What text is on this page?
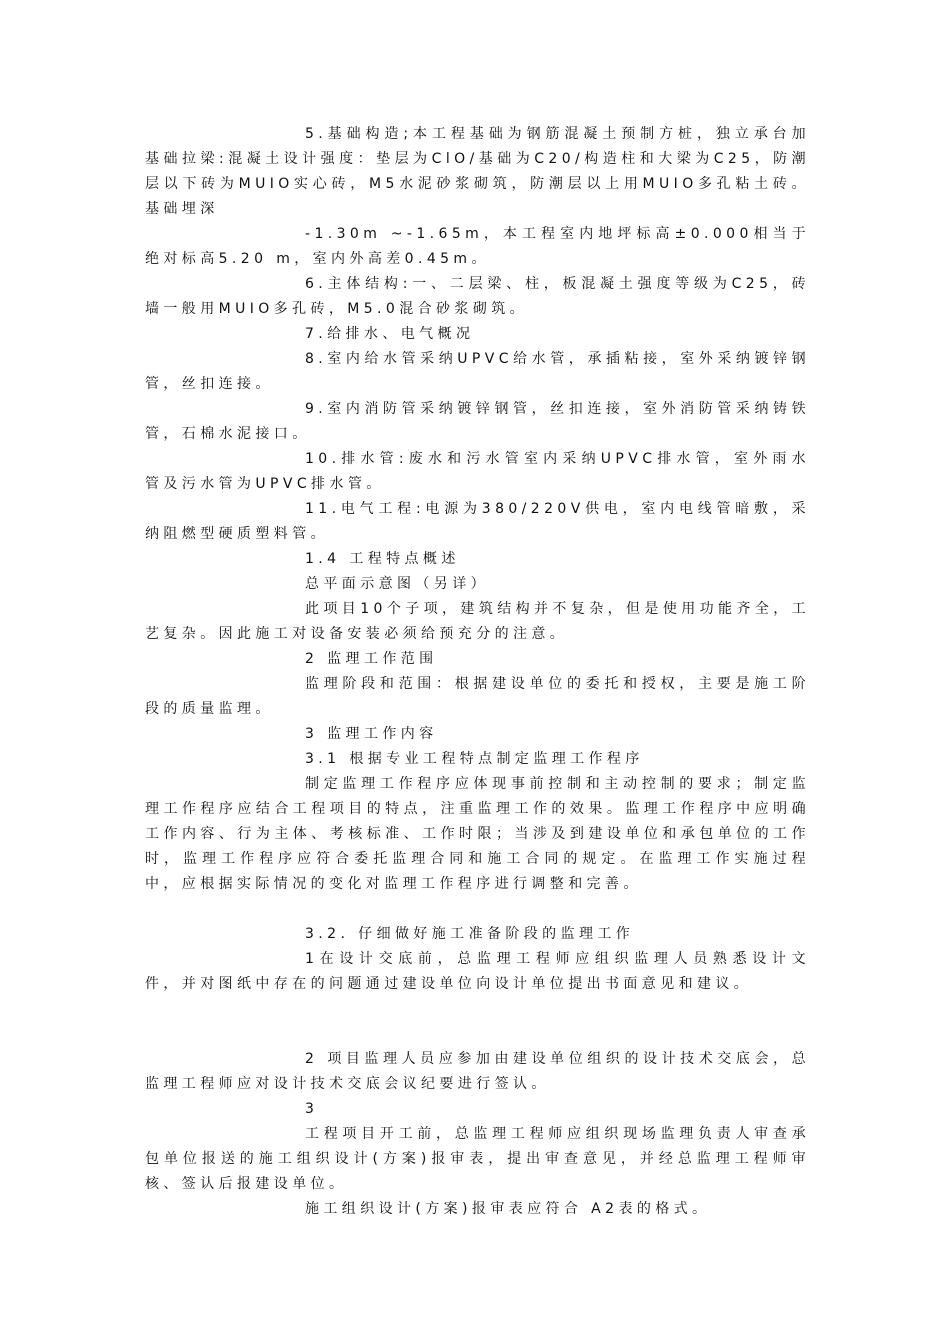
5.基础构造;本工程基础为钢筋混凝土预制方桩，独立承台加基础拉梁:混凝土设计强度：垫层为ClO/基础为C20/构造柱和大梁为C25，防潮层以下砖为MUIO实心砖，M5水泥砂浆砌筑，防潮层以上用MUIO多孔粘土砖。基础埋深

-1.30m ~-1.65m，本工程室内地坪标高±0.000相当于绝对标高5.20 m，室内外高差0.45m。

6.主体结构:一、二层梁、柱，板混凝土强度等级为C25，砖墙一般用MUIO多孔砖，M5.0混合砂浆砌筑。

7.给排水、电气概况

8.室内给水管采纳UPVC给水管，承插粘接，室外采纳镀锌钢管，丝扣连接。

9.室内消防管采纳镀锌钢管，丝扣连接，室外消防管采纳铸铁管，石棉水泥接口。

10.排水管:废水和污水管室内采纳UPVC排水管，室外雨水管及污水管为UPVC排水管。

11.电气工程:电源为380/220V供电，室内电线管暗敷，采纳阻燃型硬质塑料管。

1.4 工程特点概述

总平面示意图（另详）

此项目10个子项，建筑结构并不复杂，但是使用功能齐全，工艺复杂。因此施工对设备安装必须给预充分的注意。

2 监理工作范围

监理阶段和范围：根据建设单位的委托和授权，主要是施工阶段的质量监理。

3 监理工作内容

3.1 根据专业工程特点制定监理工作程序

制定监理工作程序应体现事前控制和主动控制的要求；制定监理工作程序应结合工程项目的特点，注重监理工作的效果。监理工作程序中应明确工作内容、行为主体、考核标准、工作时限；当涉及到建设单位和承包单位的工作时，监理工作程序应符合委托监理合同和施工合同的规定。在监理工作实施过程中，应根据实际情况的变化对监理工作程序进行调整和完善。

3.2. 仔细做好施工准备阶段的监理工作

1在设计交底前，总监理工程师应组织监理人员熟悉设计文件，并对图纸中存在的问题通过建设单位向设计单位提出书面意见和建议。

2 项目监理人员应参加由建设单位组织的设计技术交底会，总监理工程师应对设计技术交底会议纪要进行签认。

3

工程项目开工前，总监理工程师应组织现场监理负责人审查承包单位报送的施工组织设计(方案)报审表，提出审查意见，并经总监理工程师审核、签认后报建设单位。

施工组织设计(方案)报审表应符合 A2表的格式。
